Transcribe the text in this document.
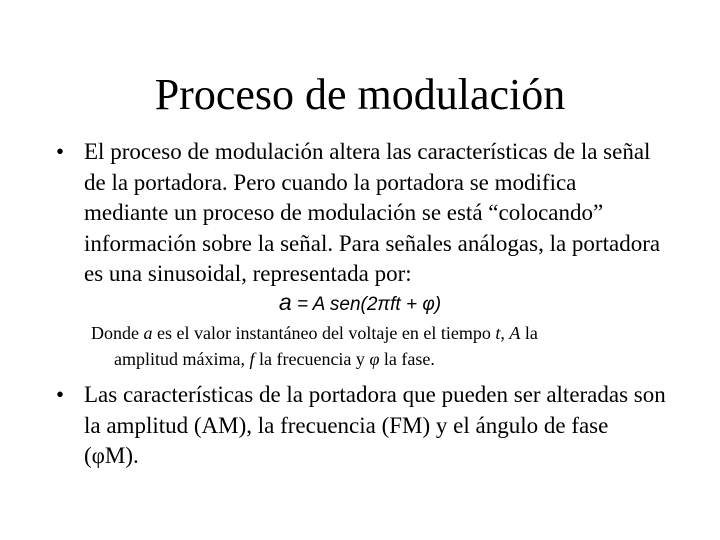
Proceso de modulación
• El proceso de modulación altera las características de la señal de la portadora. Pero cuando la portadora se modifica mediante un proceso de modulación se está “colocando” información sobre la señal. Para señales análogas, la portadora es una sinusoidal, representada por:
a = A sen(2πft + φ)
Donde a es el valor instantáneo del voltaje en el tiempo t, A la
amplitud máxima, f la frecuencia y φ la fase.
• Las características de la portadora que pueden ser alteradas son la amplitud (AM), la frecuencia (FM) y el ángulo de fase (φM).
